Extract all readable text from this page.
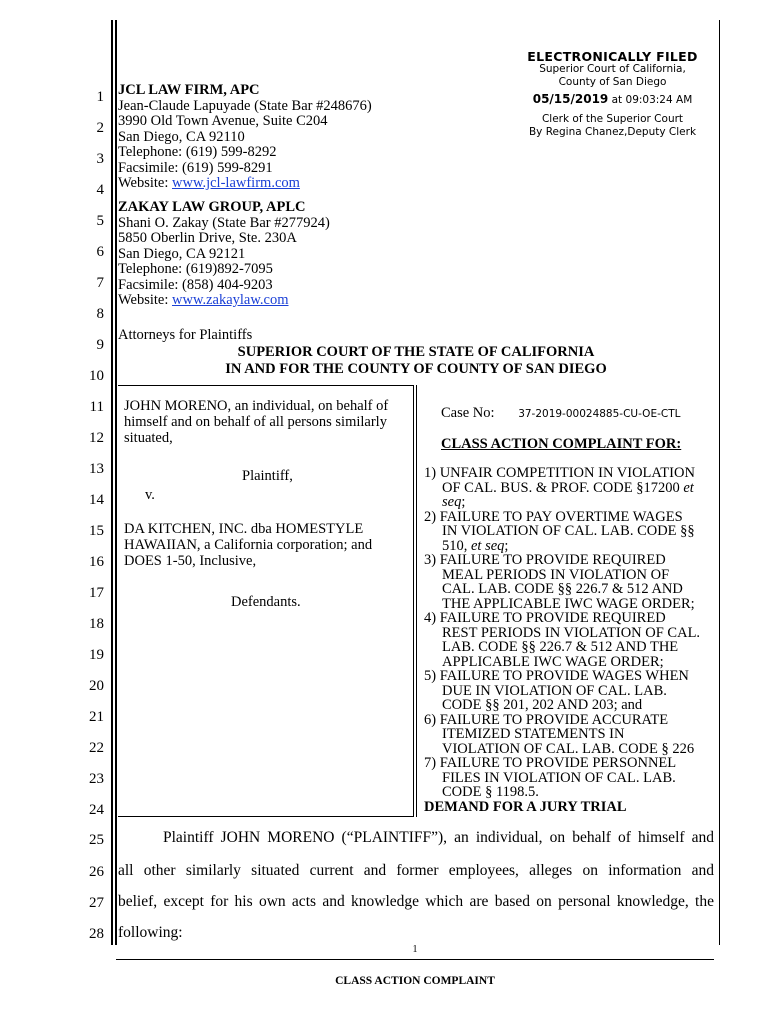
1
2
3
4
5
6
7
8
9
10
11
12
13
14
15
16
17
18
19
20
21
22
23
24
25
26
27
28
ELECTRONICALLY FILED
Superior Court of California,
County of San Diego
05/15/2019 at 09:03:24 AM
Clerk of the Superior Court
By Regina Chanez,Deputy Clerk
JCL LAW FIRM, APC
Jean-Claude Lapuyade (State Bar #248676)
3990 Old Town Avenue, Suite C204
San Diego, CA 92110
Telephone: (619) 599-8292
Facsimile: (619) 599-8291
Website: www.jcl-lawfirm.com
ZAKAY LAW GROUP, APLC
Shani O. Zakay (State Bar #277924)
5850 Oberlin Drive, Ste. 230A
San Diego, CA 92121
Telephone: (619)892-7095
Facsimile: (858) 404-9203
Website: www.zakaylaw.com
Attorneys for Plaintiffs
SUPERIOR COURT OF THE STATE OF CALIFORNIA
IN AND FOR THE COUNTY OF COUNTY OF SAN DIEGO
JOHN MORENO, an individual, on behalf of
himself and on behalf of all persons similarly
situated,
Plaintiff,
v.
DA KITCHEN, INC. dba HOMESTYLE
HAWAIIAN, a California corporation; and
DOES 1-50, Inclusive,
Defendants.
Case No: 37-2019-00024885-CU-OE-CTL
CLASS ACTION COMPLAINT FOR:
1) UNFAIR COMPETITION IN VIOLATION
OF CAL. BUS. & PROF. CODE §17200 et
seq;
2) FAILURE TO PAY OVERTIME WAGES
IN VIOLATION OF CAL. LAB. CODE §§
510, et seq;
3) FAILURE TO PROVIDE REQUIRED
MEAL PERIODS IN VIOLATION OF
CAL. LAB. CODE §§ 226.7 & 512 AND
THE APPLICABLE IWC WAGE ORDER;
4) FAILURE TO PROVIDE REQUIRED
REST PERIODS IN VIOLATION OF CAL.
LAB. CODE §§ 226.7 & 512 AND THE
APPLICABLE IWC WAGE ORDER;
5) FAILURE TO PROVIDE WAGES WHEN
DUE IN VIOLATION OF CAL. LAB.
CODE §§ 201, 202 AND 203; and
6) FAILURE TO PROVIDE ACCURATE
ITEMIZED STATEMENTS IN
VIOLATION OF CAL. LAB. CODE § 226
7) FAILURE TO PROVIDE PERSONNEL
FILES IN VIOLATION OF CAL. LAB.
CODE § 1198.5.
DEMAND FOR A JURY TRIAL
Plaintiff JOHN MORENO (“PLAINTIFF”), an individual, on behalf of himself and
all other similarly situated current and former employees, alleges on information and
belief, except for his own acts and knowledge which are based on personal knowledge, the
following:
1
CLASS ACTION COMPLAINT
